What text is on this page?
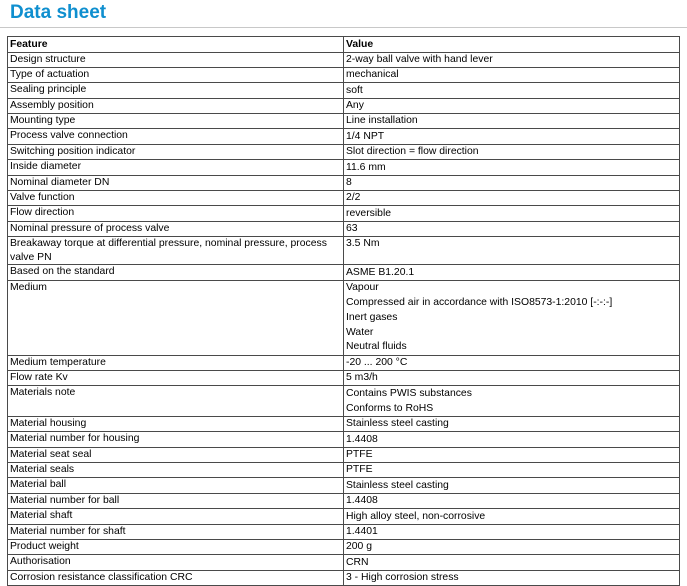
Data sheet
Feature	Value
Design structure	2-way ball valve with hand lever

Type of actuation	mechanical

Sealing principle	soft

Assembly position	Any

Mounting type	Line installation

Process valve connection	1/4 NPT

Switching position indicator	Slot direction = flow direction

Inside diameter	11.6 mm

Nominal diameter DN	8

Valve function	2/2

Flow direction	reversible

Nominal pressure of process valve	63

Breakaway torque at differential pressure, nominal pressure, process valve PN	3.5 Nm

Based on the standard	ASME B1.20.1

Medium	Vapour
Compressed air in accordance with ISO8573-1:2010 [-:-:-]
Inert gases
Water
Neutral fluids

Medium temperature	-20 ... 200 °C

Flow rate Kv	5 m3/h

Materials note	Contains PWIS substances
Conforms to RoHS

Material housing	Stainless steel casting

Material number for housing	1.4408

Material seat seal	PTFE

Material seals	PTFE

Material ball	Stainless steel casting

Material number for ball	1.4408

Material shaft	High alloy steel, non-corrosive

Material number for shaft	1.4401

Product weight	200 g

Authorisation	CRN

Corrosion resistance classification CRC	3 - High corrosion stress
